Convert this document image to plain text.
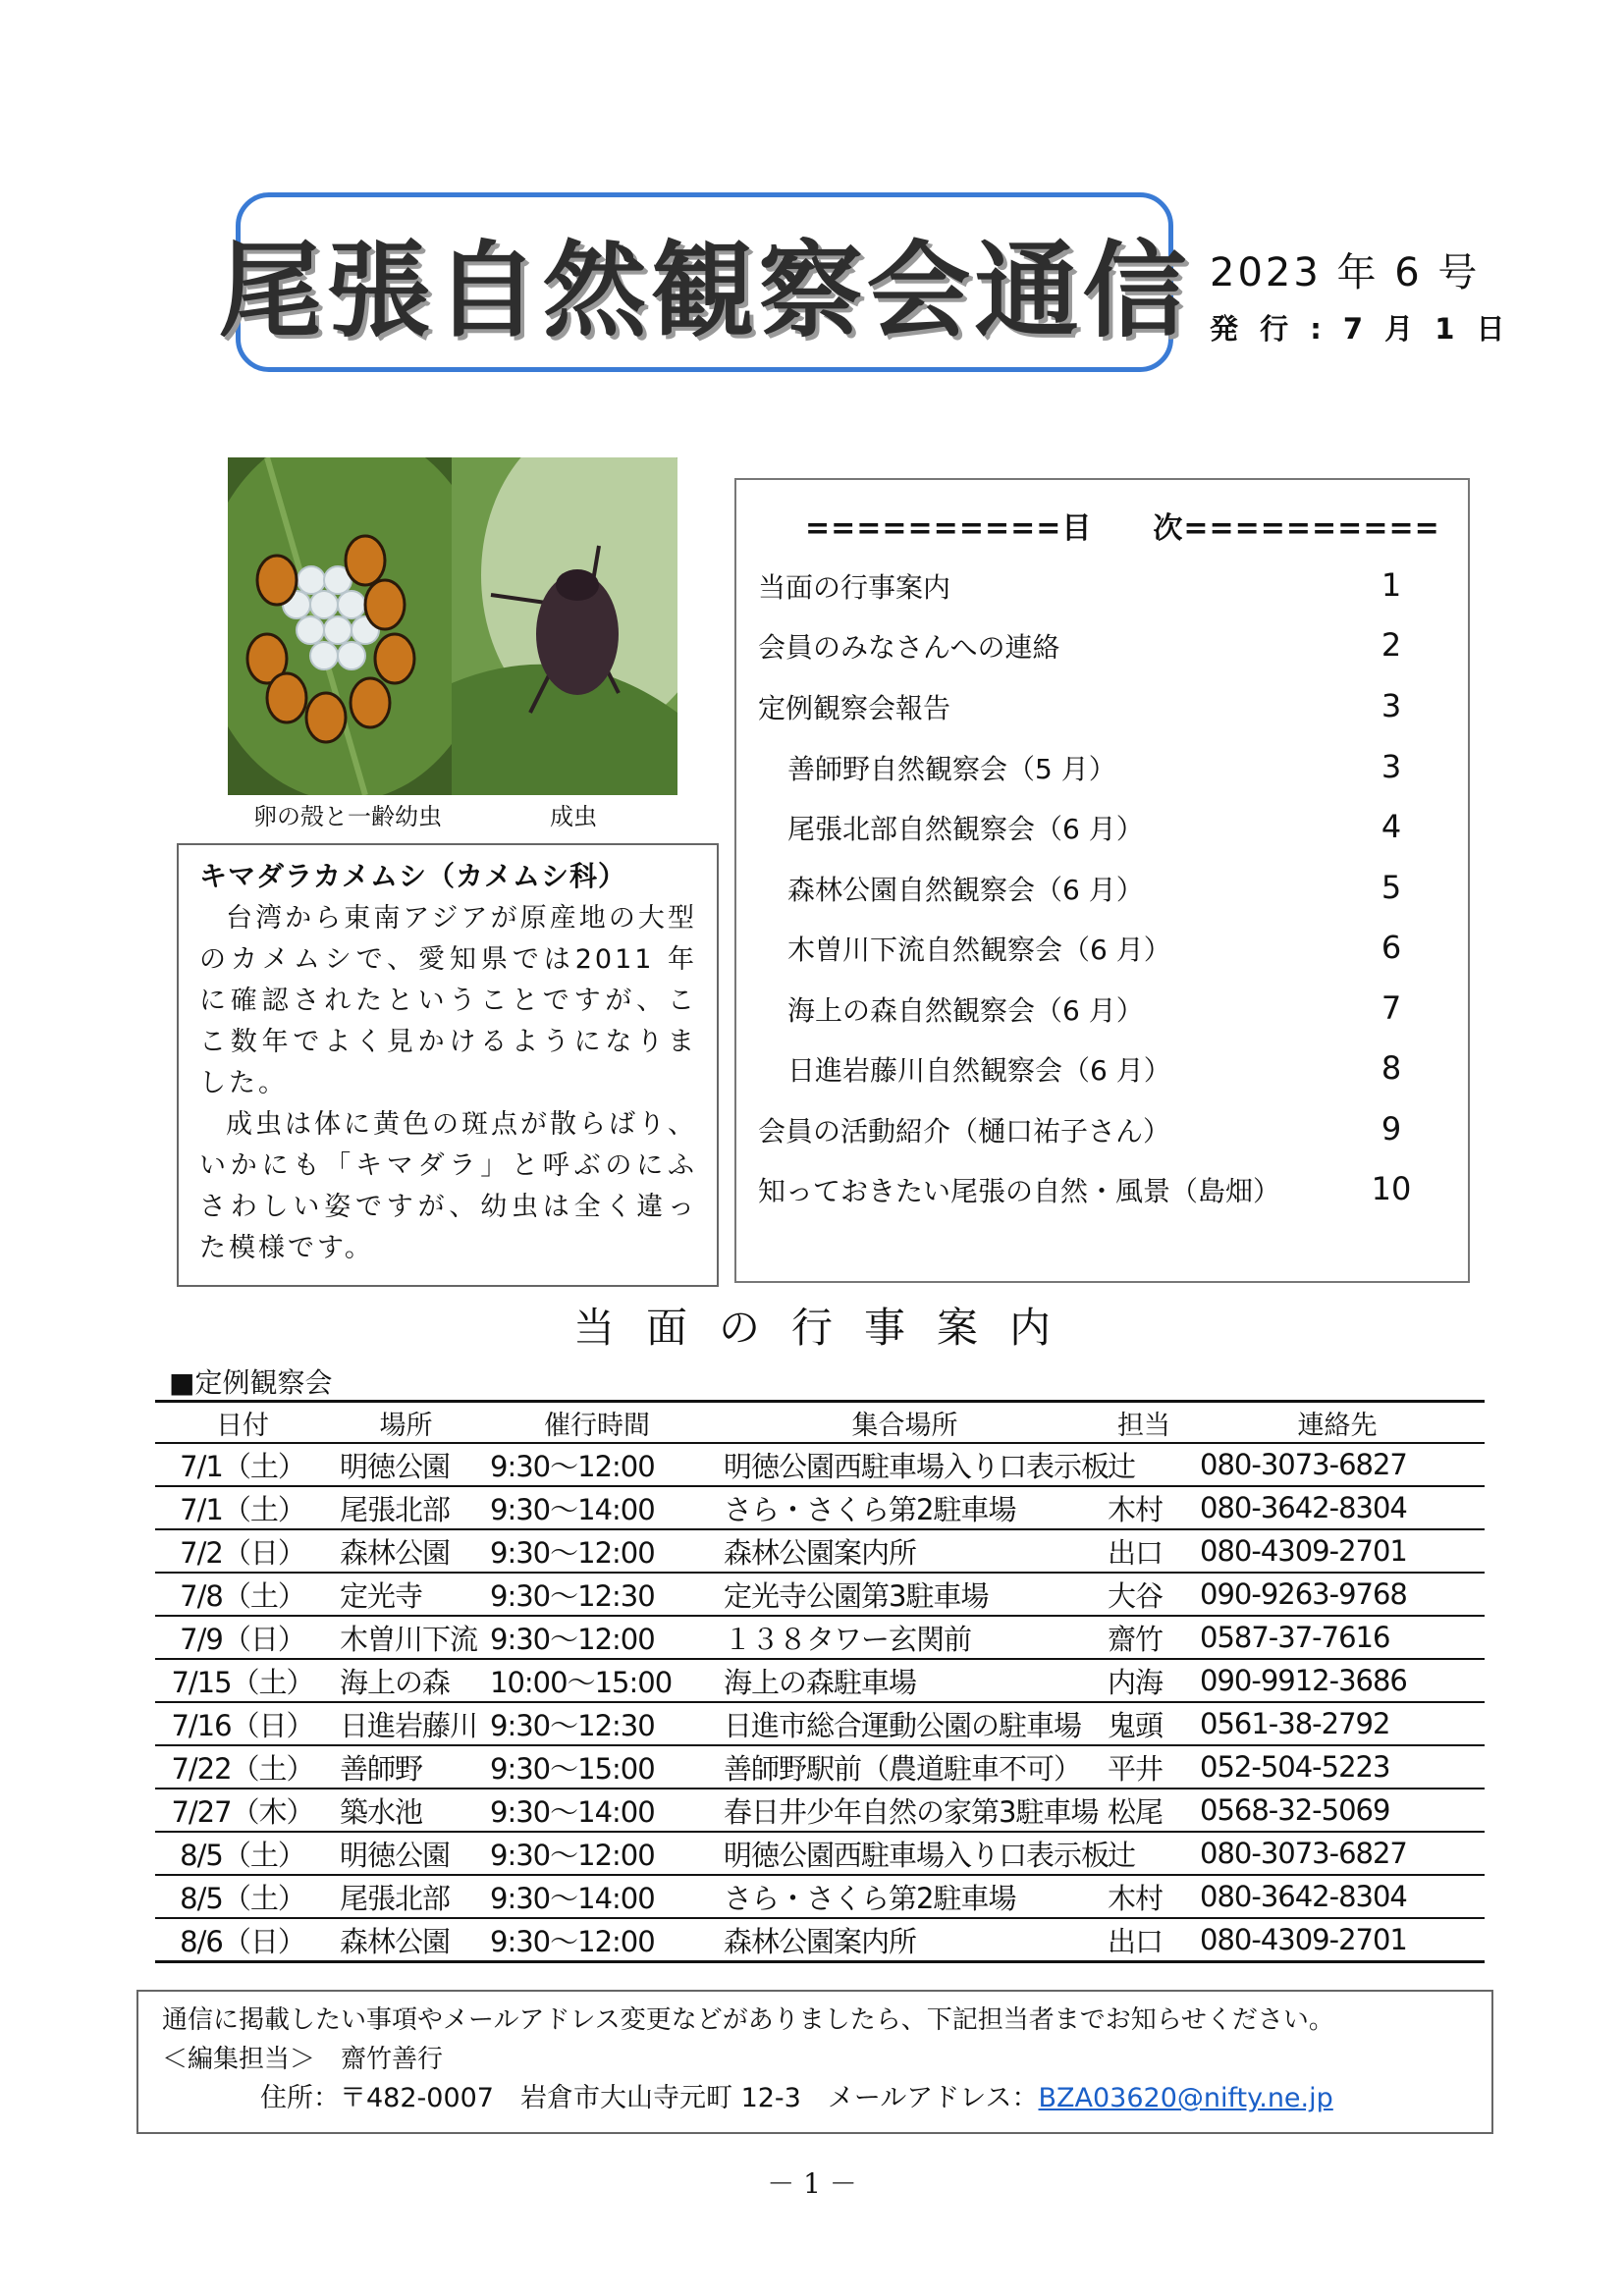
尾張自然観察会通信 2023 年 6 号
発 行 : 7 月 1 日
卵の殻と一齢幼虫	成虫
キマダラカメムシ（カメムシ科）

台湾から東南アジアが原産地の大型のカメムシで、愛知県では2011 年に確認されたということですが、ここ数年でよく見かけるようになりました。

成虫は体に黄色の斑点が散らばり、いかにも「キマダラ」と呼ぶのにふさわしい姿ですが、幼虫は全く違った模様です。

==========目　　次==========
当面の行事案内	1
会員のみなさんへの連絡	2
定例観察会報告	3
善師野自然観察会（5 月）	3
尾張北部自然観察会（6 月）	4
森林公園自然観察会（6 月）	5
木曽川下流自然観察会（6 月）	6
海上の森自然観察会（6 月）	7
日進岩藤川自然観察会（6 月）	8
会員の活動紹介（樋口祐子さん）	9
知っておきたい尾張の自然・風景（島畑）	10
当面の行事案内
■定例観察会
日付	場所	催行時間	集合場所	担当	連絡先
7/1（土）	明徳公園	9:30～12:00	明徳公園西駐車場入り口表示板	辻	080-3073-6827
7/1（土）	尾張北部	9:30～14:00	さら・さくら第2駐車場	木村	080-3642-8304
7/2（日）	森林公園	9:30～12:00	森林公園案内所	出口	080-4309-2701
7/8（土）	定光寺	9:30～12:30	定光寺公園第3駐車場	大谷	090-9263-9768
7/9（日）	木曽川下流	9:30～12:00	１３８タワー玄関前	齋竹	0587-37-7616
7/15（土）	海上の森	10:00～15:00	海上の森駐車場	内海	090-9912-3686
7/16（日）	日進岩藤川	9:30～12:30	日進市総合運動公園の駐車場	鬼頭	0561-38-2792
7/22（土）	善師野	9:30～15:00	善師野駅前（農道駐車不可）	平井	052-504-5223
7/27（木）	築水池	9:30～14:00	春日井少年自然の家第3駐車場	松尾	0568-32-5069
8/5（土）	明徳公園	9:30～12:00	明徳公園西駐車場入り口表示板	辻	080-3073-6827
8/5（土）	尾張北部	9:30～14:00	さら・さくら第2駐車場	木村	080-3642-8304
8/6（日）	森林公園	9:30～12:00	森林公園案内所	出口	080-4309-2701
通信に掲載したい事項やメールアドレス変更などがありましたら、下記担当者までお知らせください。
＜編集担当＞　齋竹善行
住所：〒482-0007　岩倉市大山寺元町 12-3　メールアドレス：BZA03620@nifty.ne.jp
－ 1 －
